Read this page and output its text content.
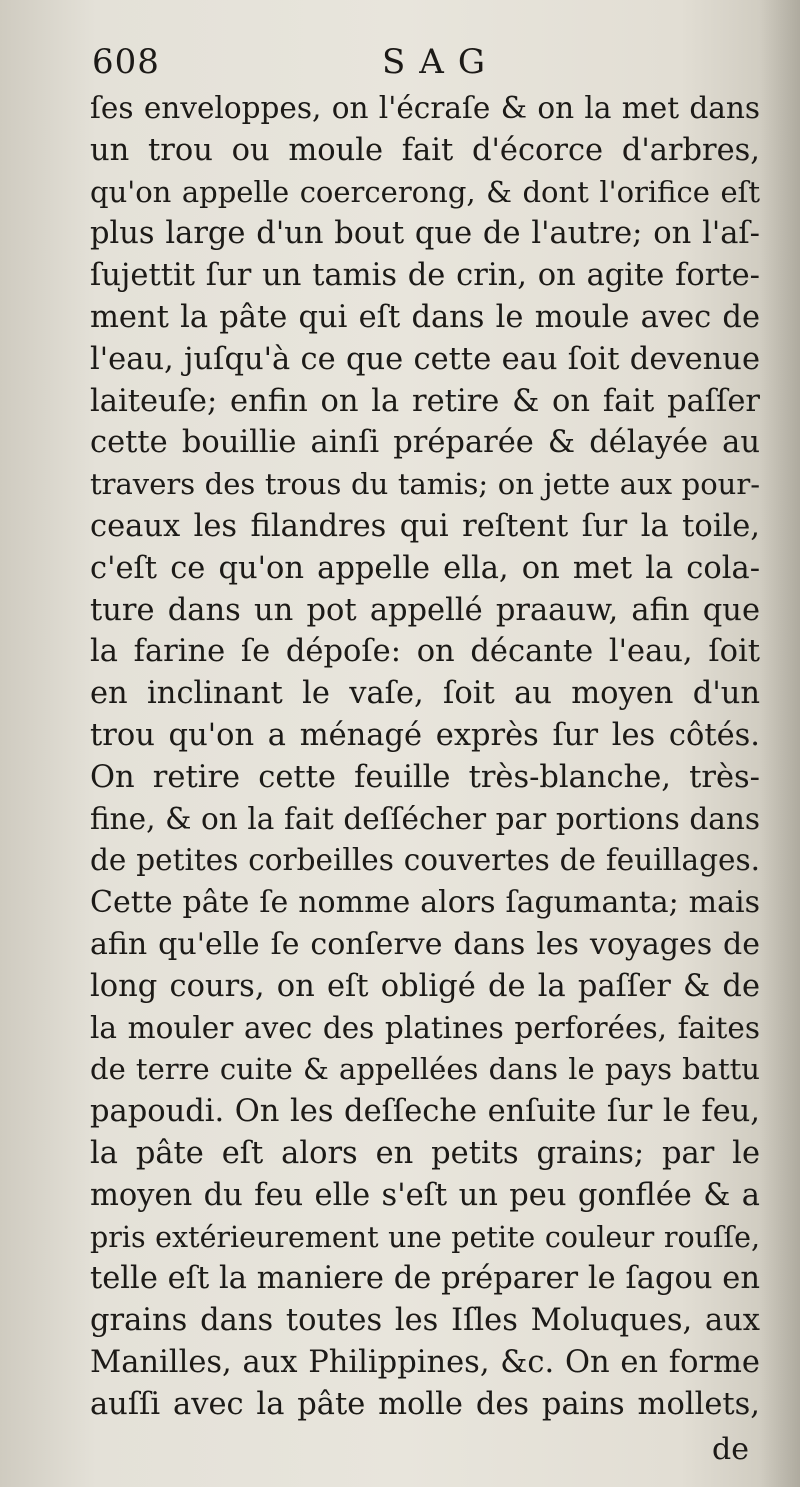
608	SAG
ſes enveloppes, on l'écraſe & on la met dans
un trou ou moule fait d'écorce d'arbres,
qu'on appelle coercerong, & dont l'orifice eſt
plus large d'un bout que de l'autre; on l'aſ-
ſujettit ſur un tamis de crin, on agite forte-
ment la pâte qui eſt dans le moule avec de
l'eau, juſqu'à ce que cette eau ſoit devenue
laiteuſe; enfin on la retire & on fait paſſer
cette bouillie ainſi préparée & délayée au
travers des trous du tamis; on jette aux pour-
ceaux les filandres qui reſtent ſur la toile,
c'eſt ce qu'on appelle ella, on met la cola-
ture dans un pot appellé praauw, afin que
la farine ſe dépoſe: on décante l'eau, ſoit
en inclinant le vaſe, ſoit au moyen d'un
trou qu'on a ménagé exprès ſur les côtés.
On retire cette feuille très-blanche, très-
fine, & on la fait deſſécher par portions dans
de petites corbeilles couvertes de feuillages.
Cette pâte ſe nomme alors ſagumanta; mais
afin qu'elle ſe conſerve dans les voyages de
long cours, on eſt obligé de la paſſer & de
la mouler avec des platines perforées, faites
de terre cuite & appellées dans le pays battu
papoudi. On les deſſeche enſuite ſur le feu,
la pâte eſt alors en petits grains; par le
moyen du feu elle s'eſt un peu gonflée & a
pris extérieurement une petite couleur rouſſe,
telle eſt la maniere de préparer le ſagou en
grains dans toutes les Iſles Moluques, aux
Manilles, aux Philippines, &c. On en forme
auſſi avec la pâte molle des pains mollets,
de
